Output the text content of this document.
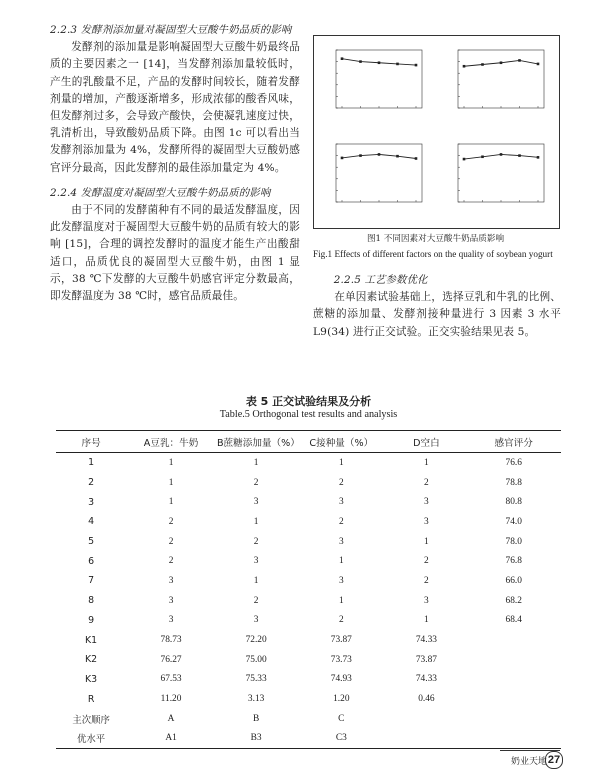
2.2.3 发酵剂添加量对凝固型大豆酸牛奶品质的影响

发酵剂的添加量是影响凝固型大豆酸牛奶最终品质的主要因素之一 [14]，当发酵剂添加量较低时，产生的乳酸量不足，产品的发酵时间较长，随着发酵剂量的增加，产酸逐渐增多，形成浓郁的酸香风味，但发酵剂过多，会导致产酸快，会使凝乳速度过快，乳清析出，导致酸奶品质下降。由图 1c 可以看出当发酵剂添加量为 4%，发酵所得的凝固型大豆酸奶感官评分最高，因此发酵剂的最佳添加量定为 4%。

2.2.4 发酵温度对凝固型大豆酸牛奶品质的影响

由于不同的发酵菌种有不同的最适发酵温度，因此发酵温度对于凝固型大豆酸牛奶的品质有较大的影响 [15]，合理的调控发酵时的温度才能生产出酸甜适口，品质优良的凝固型大豆酸牛奶，由图 1 显示，38 ℃下发酵的大豆酸牛奶感官评定分数最高，即发酵温度为 38 ℃时，感官品质最佳。

图1 不同因素对大豆酸牛奶品质影响
Fig.1 Effects of different factors on the quality of soybean yogurt
2.2.5 工艺参数优化

在单因素试验基础上，选择豆乳和牛乳的比例、蔗糖的添加量、发酵剂接种量进行 3 因素 3 水平 L9(34) 进行正交试验。正交实验结果见表 5。

表 5 正交试验结果及分析
Table.5 Orthogonal test results and analysis
序号	A豆乳：牛奶	B蔗糖添加量（%）	C接种量（%）	D空白	感官评分
1	1	1	1	1	76.6
2	1	2	2	2	78.8
3	1	3	3	3	80.8
4	2	1	2	3	74.0
5	2	2	3	1	78.0
6	2	3	1	2	76.8
7	3	1	3	2	66.0
8	3	2	1	3	68.2
9	3	3	2	1	68.4
K1	78.73	72.20	73.87	74.33	
K2	76.27	75.00	73.73	73.87	
K3	67.53	75.33	74.93	74.33	
R	11.20	3.13	1.20	0.46	
主次顺序	A	B	C		
优水平	A1	B3	C3		
奶业天地 27
